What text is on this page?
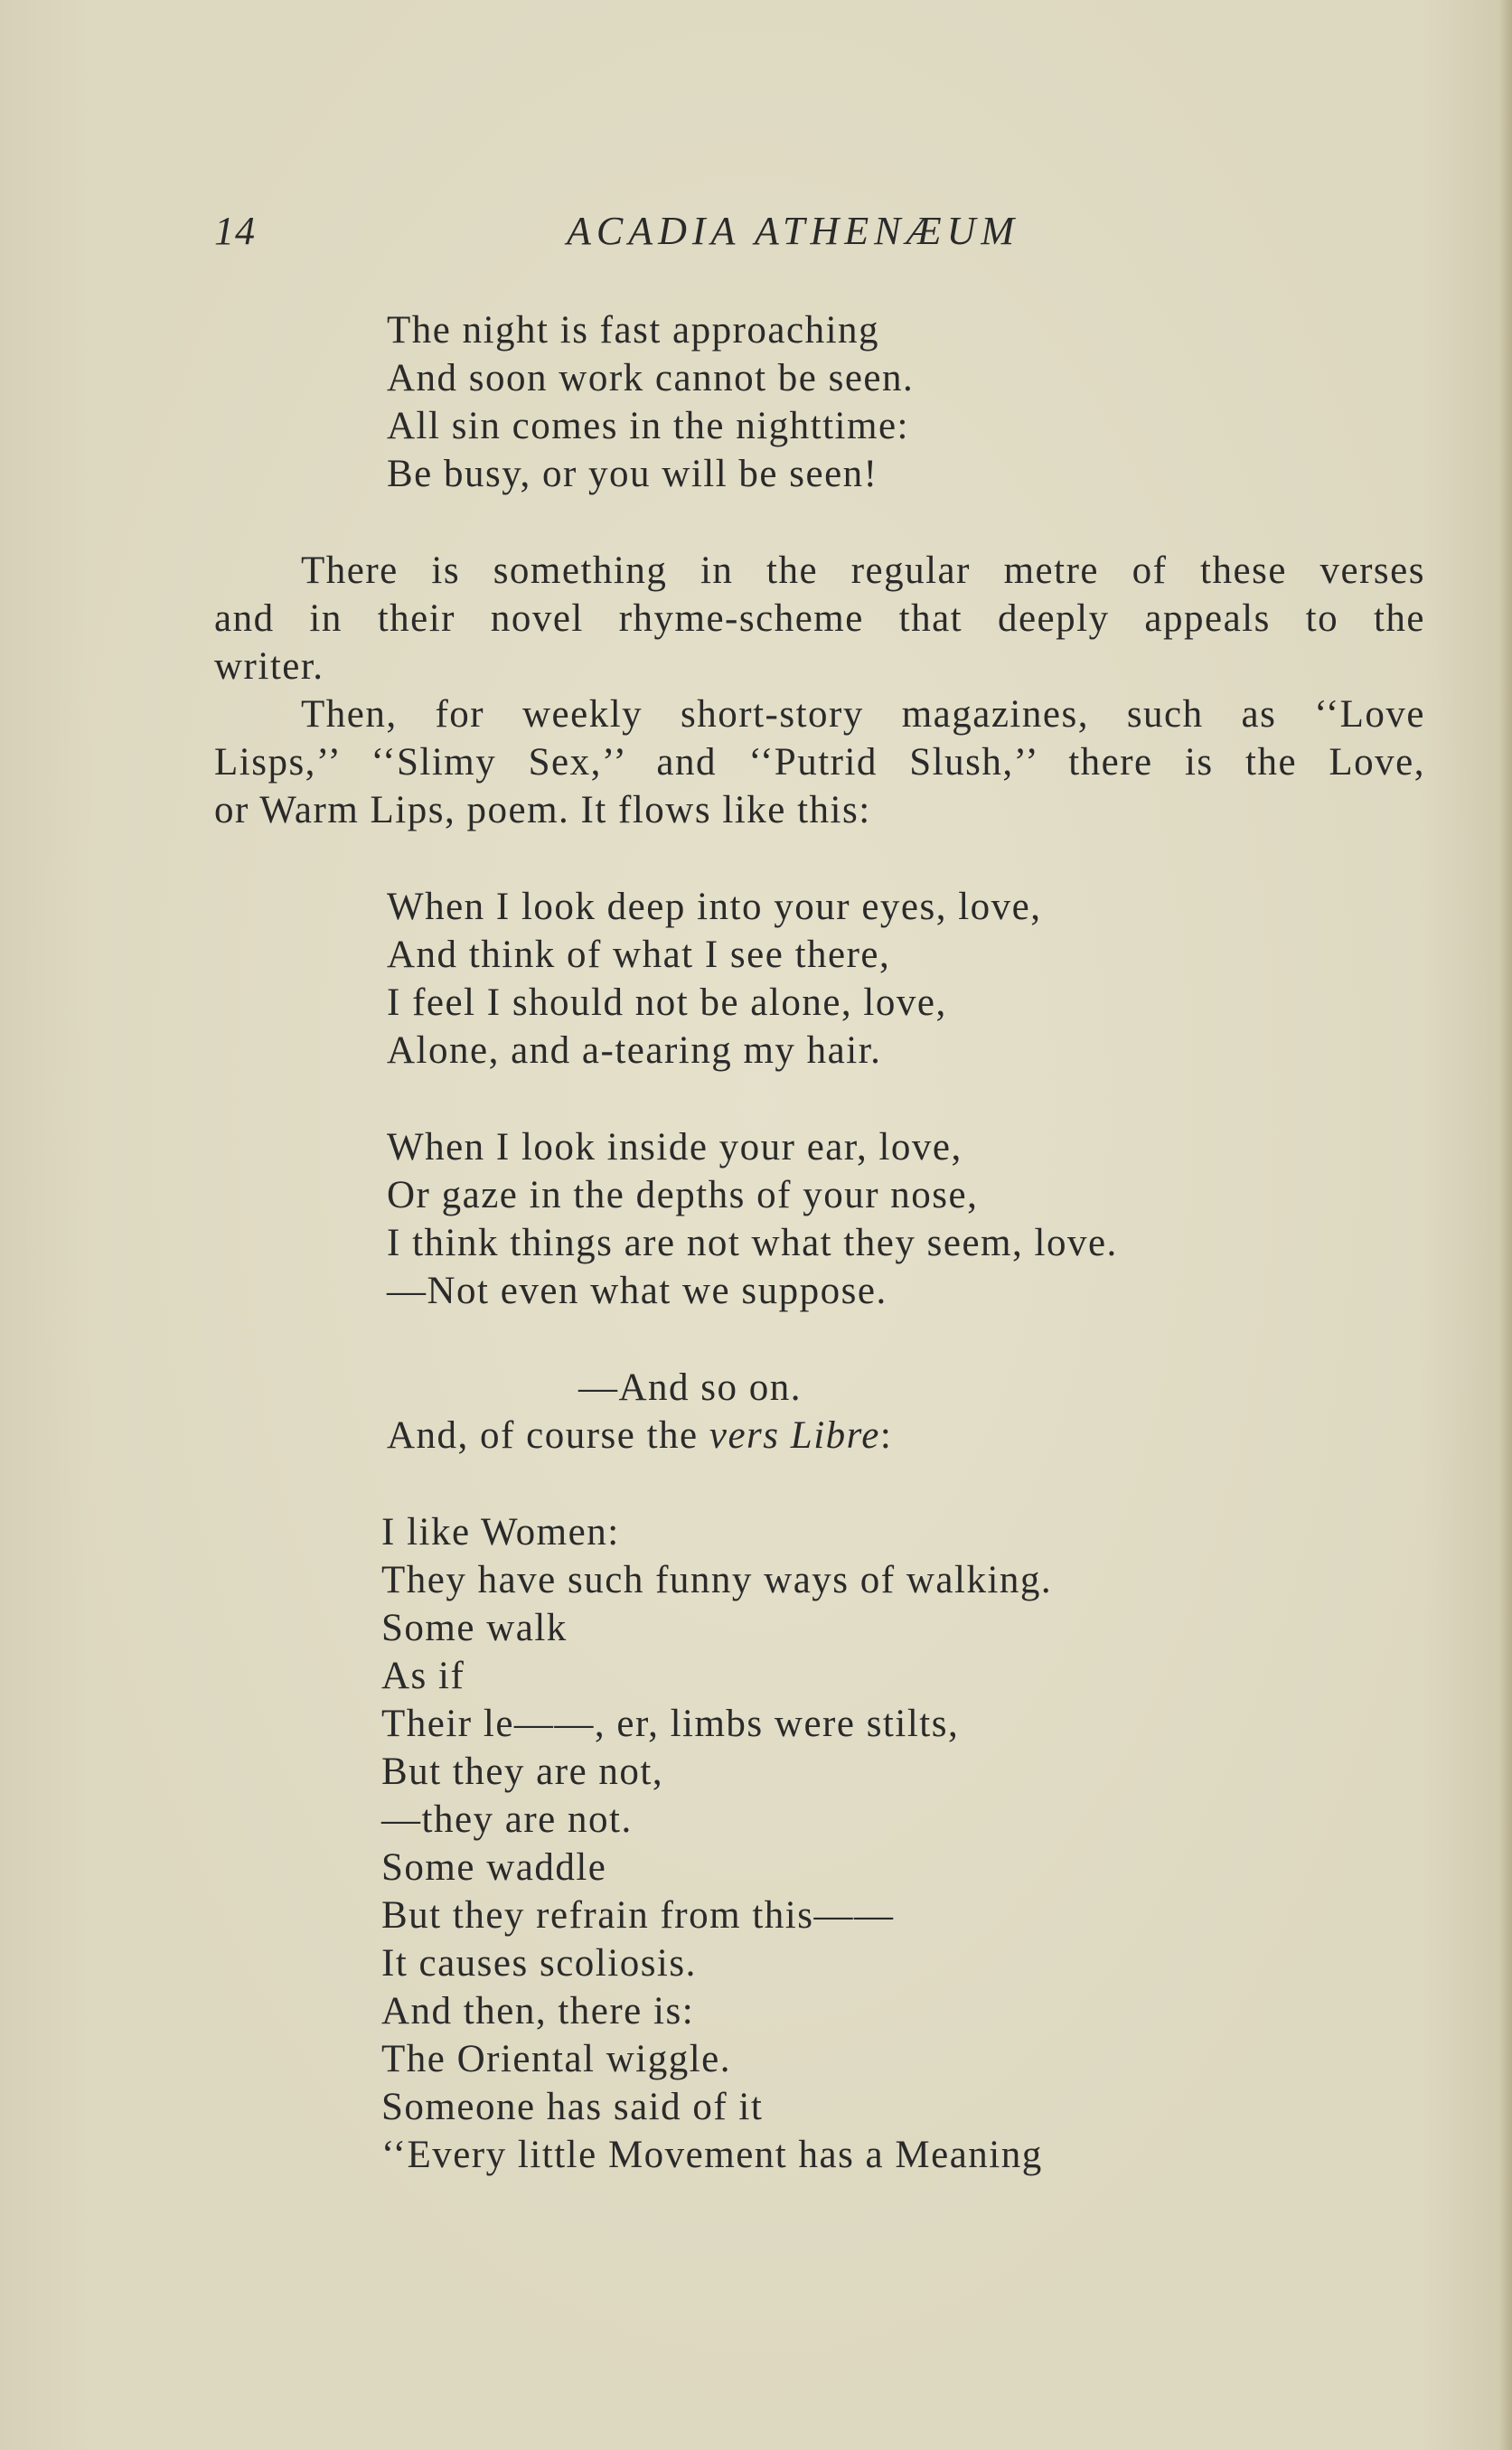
14	ACADIA ATHENÆUM
The night is fast approaching
And soon work cannot be seen.
All sin comes in the nighttime:
Be busy, or you will be seen!
There is something in the regular metre of these verses
and in their novel rhyme-scheme that deeply appeals to the
writer.
Then, for weekly short-story magazines, such as ‘‘Love
Lisps,’’ ‘‘Slimy Sex,’’ and ‘‘Putrid Slush,’’ there is the Love,
or Warm Lips, poem. It flows like this:
When I look deep into your eyes, love,
And think of what I see there,
I feel I should not be alone, love,
Alone, and a-tearing my hair.
When I look inside your ear, love,
Or gaze in the depths of your nose,
I think things are not what they seem, love.
—Not even what we suppose.
—And so on.
And, of course the vers Libre:
I like Women:
They have such funny ways of walking.
Some walk
As if
Their le——, er, limbs were stilts,
But they are not,
—they are not.
Some waddle
But they refrain from this——
It causes scoliosis.
And then, there is:
The Oriental wiggle.
Someone has said of it
‘‘Every little Movement has a Meaning
